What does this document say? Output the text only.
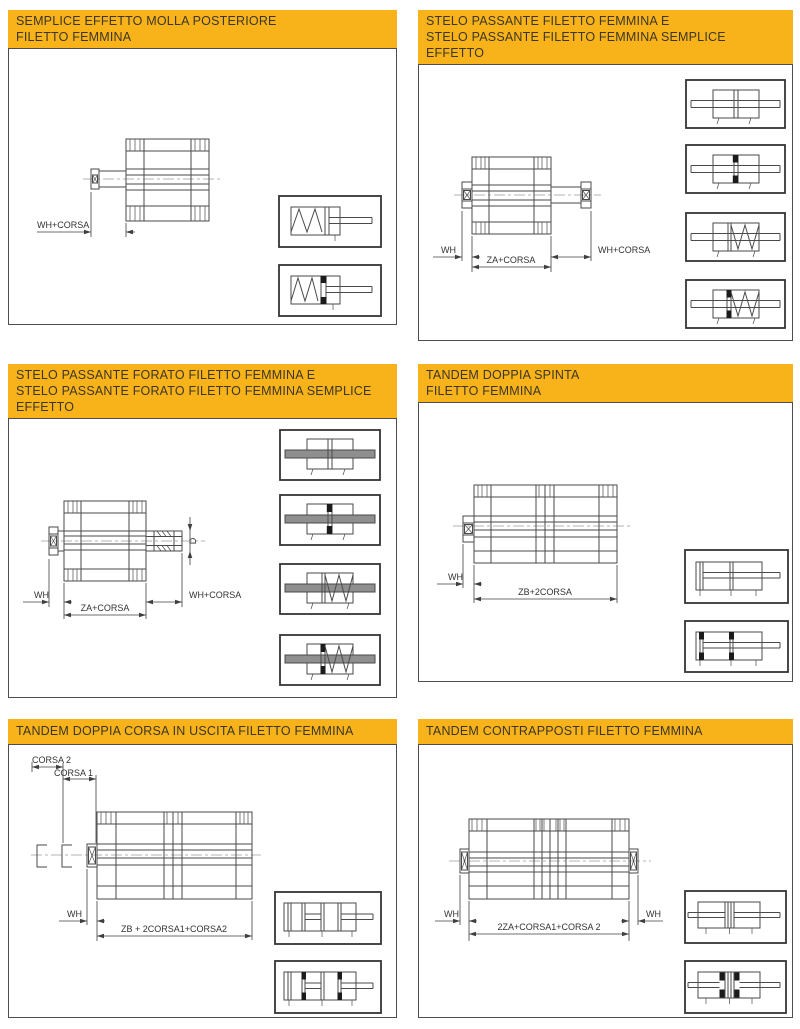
SEMPLICE EFFETTO MOLLA POSTERIORE
FILETTO FEMMINA
WH+CORSA
STELO PASSANTE FILETTO FEMMINA E
STELO PASSANTE FILETTO FEMMINA SEMPLICE EFFETTO
WH
ZA+CORSA
WH+CORSA
STELO PASSANTE FORATO FILETTO FEMMINA E
STELO PASSANTE FORATO FILETTO FEMMINA SEMPLICE EFFETTO
D
WH
ZA+CORSA
WH+CORSA
TANDEM DOPPIA SPINTA
FILETTO FEMMINA
WH
ZB+2CORSA
TANDEM DOPPIA CORSA IN USCITA FILETTO FEMMINA
CORSA 2
CORSA 1
WH
ZB + 2CORSA1+CORSA2
TANDEM CONTRAPPOSTI FILETTO FEMMINA
WH	WH
2ZA+CORSA1+CORSA 2
